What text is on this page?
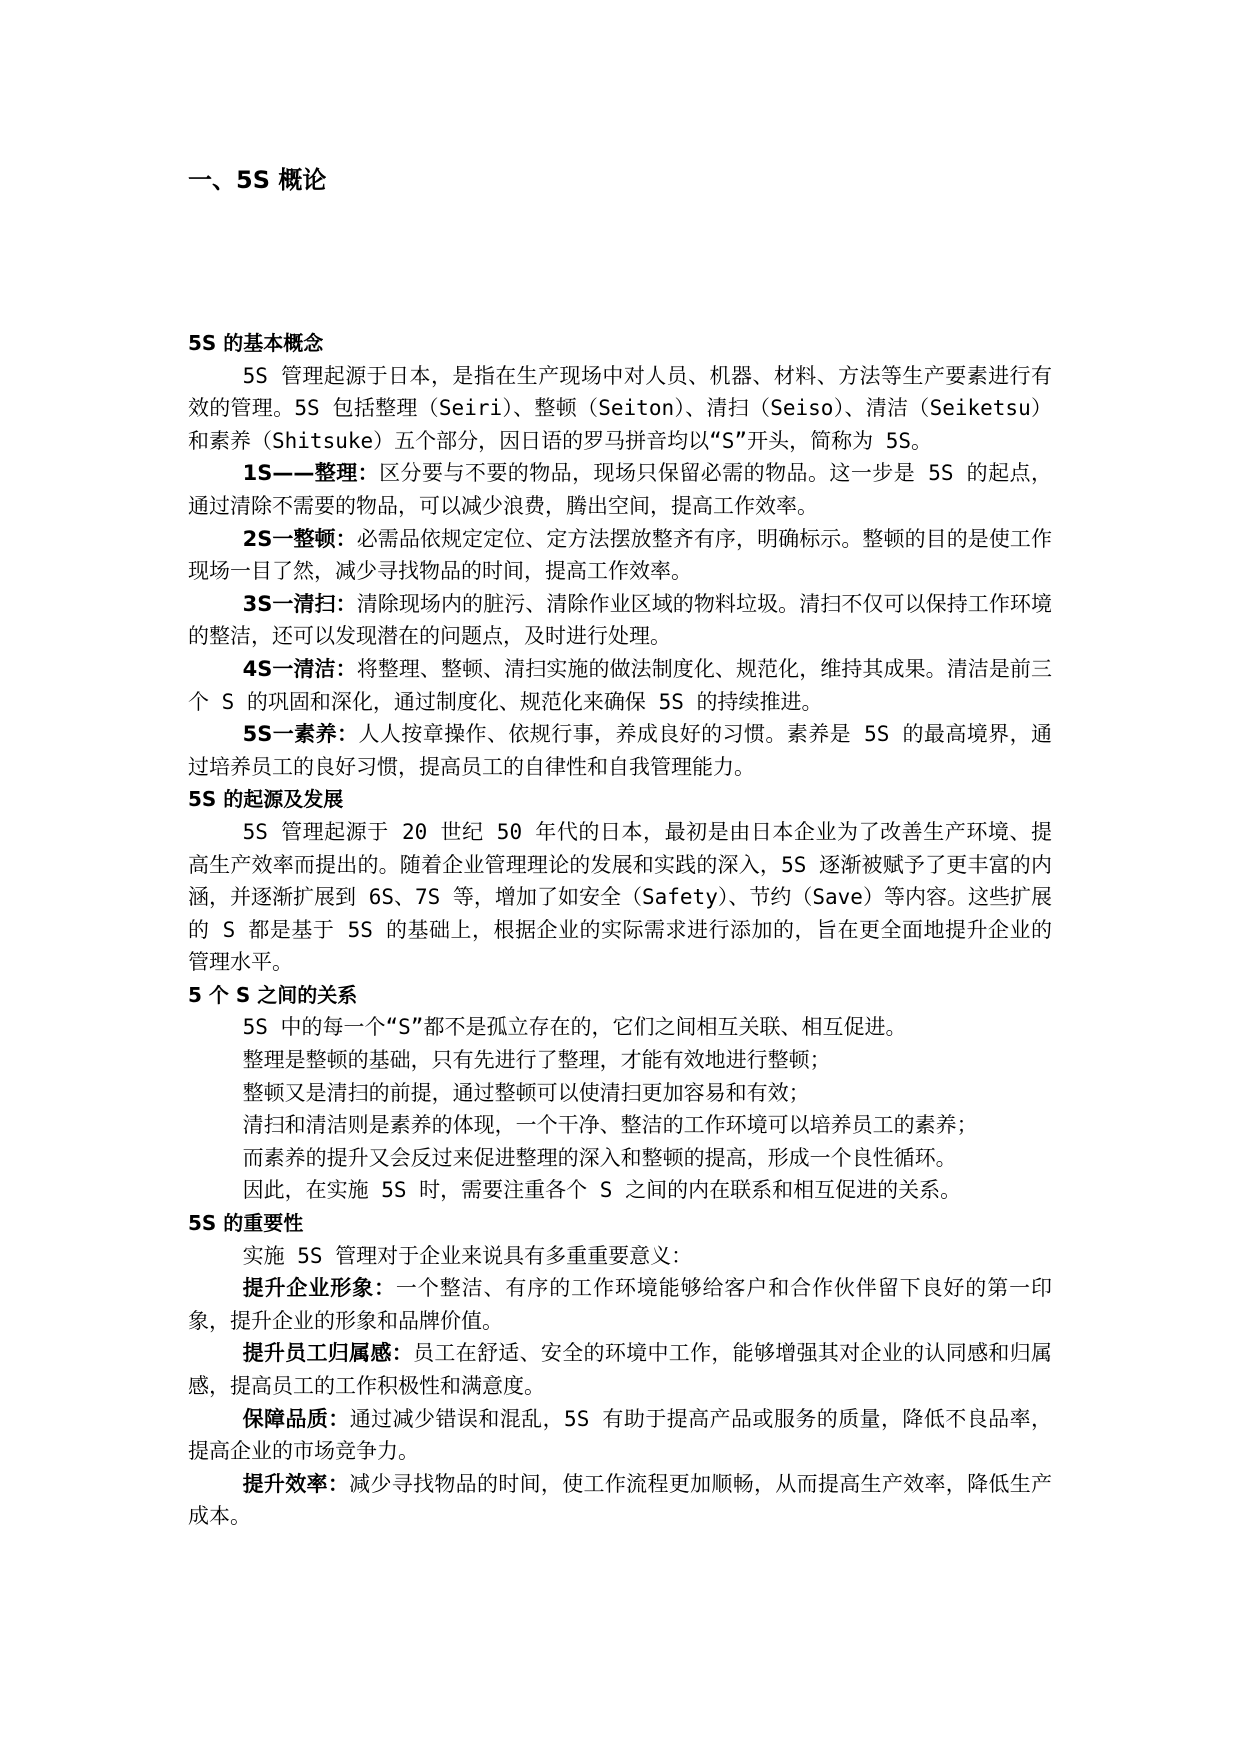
一、5S 概论
5S 的基本概念

5S 管理起源于日本，是指在生产现场中对人员、机器、材料、方法等生产要素进行有效的管理。5S 包括整理（Seiri）、整顿（Seiton）、清扫（Seiso）、清洁（Seiketsu）和素养（Shitsuke）五个部分，因日语的罗马拼音均以“S”开头，简称为 5S。

1S——整理：区分要与不要的物品，现场只保留必需的物品。这一步是 5S 的起点，通过清除不需要的物品，可以减少浪费，腾出空间，提高工作效率。

2S一整顿：必需品依规定定位、定方法摆放整齐有序，明确标示。整顿的目的是使工作现场一目了然，减少寻找物品的时间，提高工作效率。

3S一清扫：清除现场内的脏污、清除作业区域的物料垃圾。清扫不仅可以保持工作环境的整洁，还可以发现潜在的问题点，及时进行处理。

4S一清洁：将整理、整顿、清扫实施的做法制度化、规范化，维持其成果。清洁是前三个 S 的巩固和深化，通过制度化、规范化来确保 5S 的持续推进。

5S一素养：人人按章操作、依规行事，养成良好的习惯。素养是 5S 的最高境界，通过培养员工的良好习惯，提高员工的自律性和自我管理能力。

5S 的起源及发展

5S 管理起源于 20 世纪 50 年代的日本，最初是由日本企业为了改善生产环境、提高生产效率而提出的。随着企业管理理论的发展和实践的深入，5S 逐渐被赋予了更丰富的内涵，并逐渐扩展到 6S、7S 等，增加了如安全（Safety）、节约（Save）等内容。这些扩展的 S 都是基于 5S 的基础上，根据企业的实际需求进行添加的，旨在更全面地提升企业的管理水平。

5 个 S 之间的关系

5S 中的每一个“S”都不是孤立存在的，它们之间相互关联、相互促进。

整理是整顿的基础，只有先进行了整理，才能有效地进行整顿；

整顿又是清扫的前提，通过整顿可以使清扫更加容易和有效；

清扫和清洁则是素养的体现，一个干净、整洁的工作环境可以培养员工的素养；

而素养的提升又会反过来促进整理的深入和整顿的提高，形成一个良性循环。

因此，在实施 5S 时，需要注重各个 S 之间的内在联系和相互促进的关系。

5S 的重要性

实施 5S 管理对于企业来说具有多重重要意义：

提升企业形象：一个整洁、有序的工作环境能够给客户和合作伙伴留下良好的第一印象，提升企业的形象和品牌价值。

提升员工归属感：员工在舒适、安全的环境中工作，能够增强其对企业的认同感和归属感，提高员工的工作积极性和满意度。

保障品质：通过减少错误和混乱，5S 有助于提高产品或服务的质量，降低不良品率，提高企业的市场竞争力。

提升效率：减少寻找物品的时间，使工作流程更加顺畅，从而提高生产效率，降低生产成本。
